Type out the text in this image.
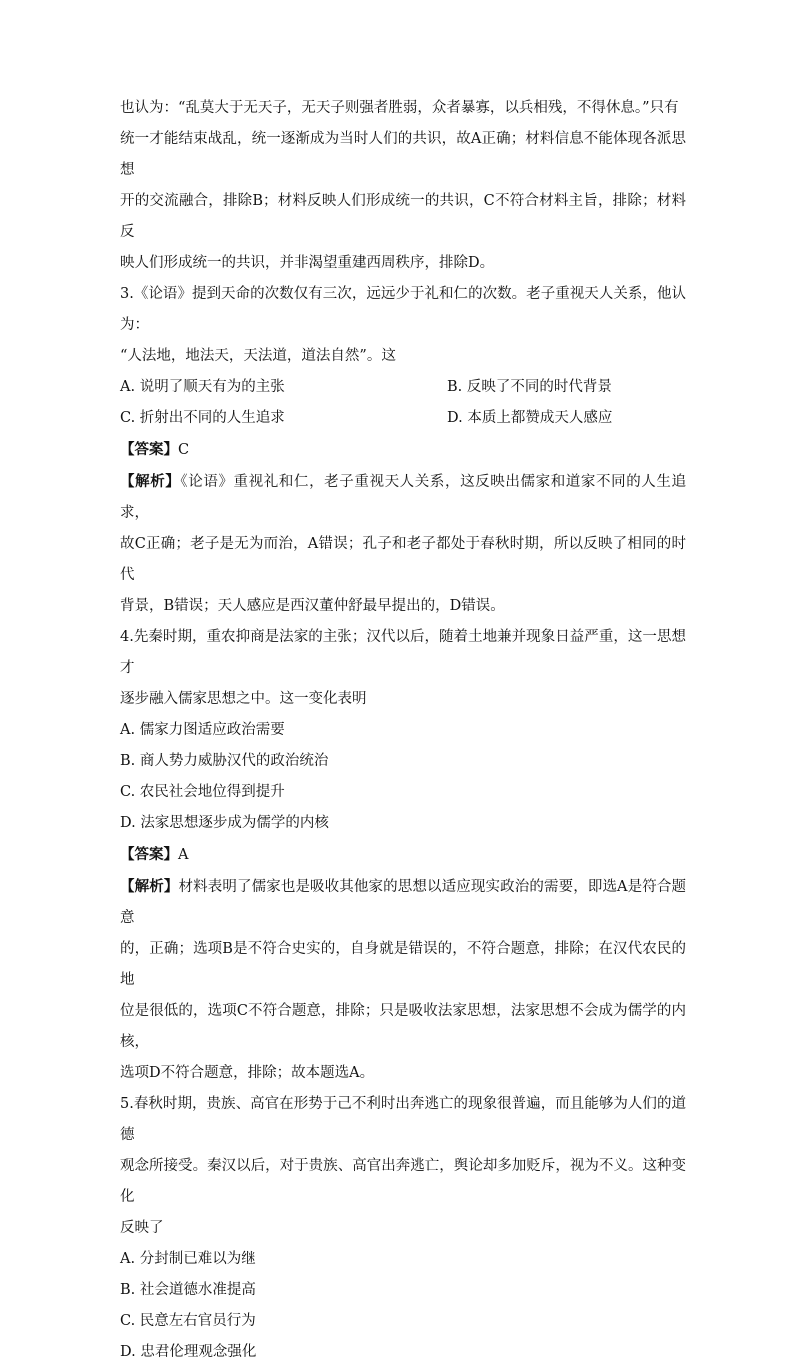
也认为：“乱莫大于无天子，无天子则强者胜弱，众者暴寡，以兵相残，不得休息。”只有

统一才能结束战乱，统一逐渐成为当时人们的共识，故A正确；材料信息不能体现各派思想

开的交流融合，排除B；材料反映人们形成统一的共识，C不符合材料主旨，排除；材料反

映人们形成统一的共识，并非渴望重建西周秩序，排除D。

3.《论语》提到天命的次数仅有三次，远远少于礼和仁的次数。老子重视天人关系，他认为：

“人法地，地法天，天法道，道法自然”。这

A. 说明了顺天有为的主张	B. 反映了不同的时代背景
C. 折射出不同的人生追求	D. 本质上都赞成天人感应

【答案】C

【解析】《论语》重视礼和仁，老子重视天人关系，这反映出儒家和道家不同的人生追求，

故C正确；老子是无为而治，A错误；孔子和老子都处于春秋时期，所以反映了相同的时代

背景，B错误；天人感应是西汉董仲舒最早提出的，D错误。

4.先秦时期，重农抑商是法家的主张；汉代以后，随着土地兼并现象日益严重，这一思想才

逐步融入儒家思想之中。这一变化表明

A. 儒家力图适应政治需要
B. 商人势力威胁汉代的政治统治
C. 农民社会地位得到提升
D. 法家思想逐步成为儒学的内核

【答案】A

【解析】材料表明了儒家也是吸收其他家的思想以适应现实政治的需要，即选A是符合题意

的，正确；选项B是不符合史实的，自身就是错误的，不符合题意，排除；在汉代农民的地

位是很低的，选项C不符合题意，排除；只是吸收法家思想，法家思想不会成为儒学的内核，

选项D不符合题意，排除；故本题选A。

5.春秋时期，贵族、高官在形势于己不利时出奔逃亡的现象很普遍，而且能够为人们的道德

观念所接受。秦汉以后，对于贵族、高官出奔逃亡，舆论却多加贬斥，视为不义。这种变化

反映了

A. 分封制已难以为继
B. 社会道德水准提高
C. 民意左右官员行为
D. 忠君伦理观念强化
